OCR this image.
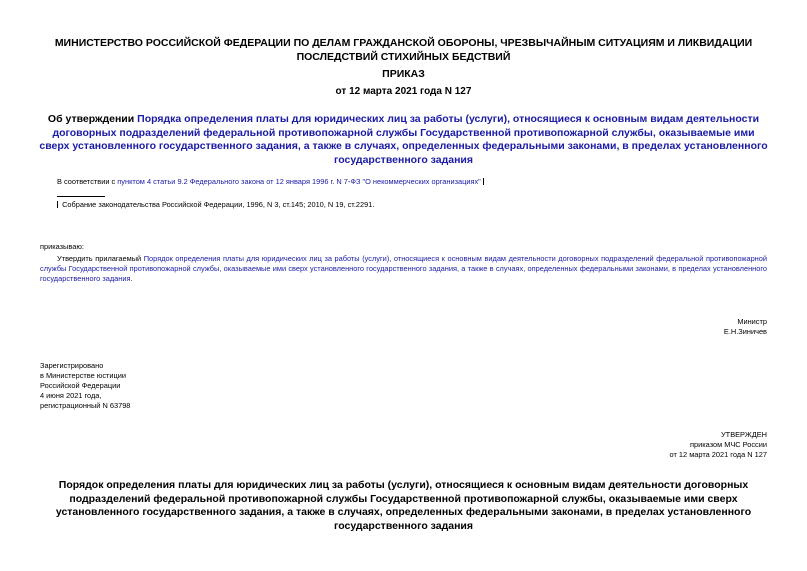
МИНИСТЕРСТВО РОССИЙСКОЙ ФЕДЕРАЦИИ ПО ДЕЛАМ ГРАЖДАНСКОЙ ОБОРОНЫ, ЧРЕЗВЫЧАЙНЫМ СИТУАЦИЯМ И ЛИКВИДАЦИИ ПОСЛЕДСТВИЙ СТИХИЙНЫХ БЕДСТВИЙ
ПРИКАЗ
от 12 марта 2021 года N 127
Об утверждении Порядка определения платы для юридических лиц за работы (услуги), относящиеся к основным видам деятельности договорных подразделений федеральной противопожарной службы Государственной противопожарной службы, оказываемые ими сверх установленного государственного задания, а также в случаях, определенных федеральными законами, в пределах установленного государственного задания
В соответствии с пунктом 4 статьи 9.2 Федерального закона от 12 января 1996 г. N 7-ФЗ "О некоммерческих организациях"
Собрание законодательства Российской Федерации, 1996, N 3, ст.145; 2010, N 19, ст.2291.
приказываю:
Утвердить прилагаемый Порядок определения платы для юридических лиц за работы (услуги), относящиеся к основным видам деятельности договорных подразделений федеральной противопожарной службы Государственной противопожарной службы, оказываемые ими сверх установленного государственного задания, а также в случаях, определенных федеральными законами, в пределах установленного государственного задания.
Министр
Е.Н.Зиничев
Зарегистрировано
в Министерстве юстиции
Российской Федерации
4 июня 2021 года,
регистрационный N 63798
УТВЕРЖДЕН
приказом МЧС России
от 12 марта 2021 года N 127
Порядок определения платы для юридических лиц за работы (услуги), относящиеся к основным видам деятельности договорных подразделений федеральной противопожарной службы Государственной противопожарной службы, оказываемые ими сверх установленного государственного задания, а также в случаях, определенных федеральными законами, в пределах установленного государственного задания
